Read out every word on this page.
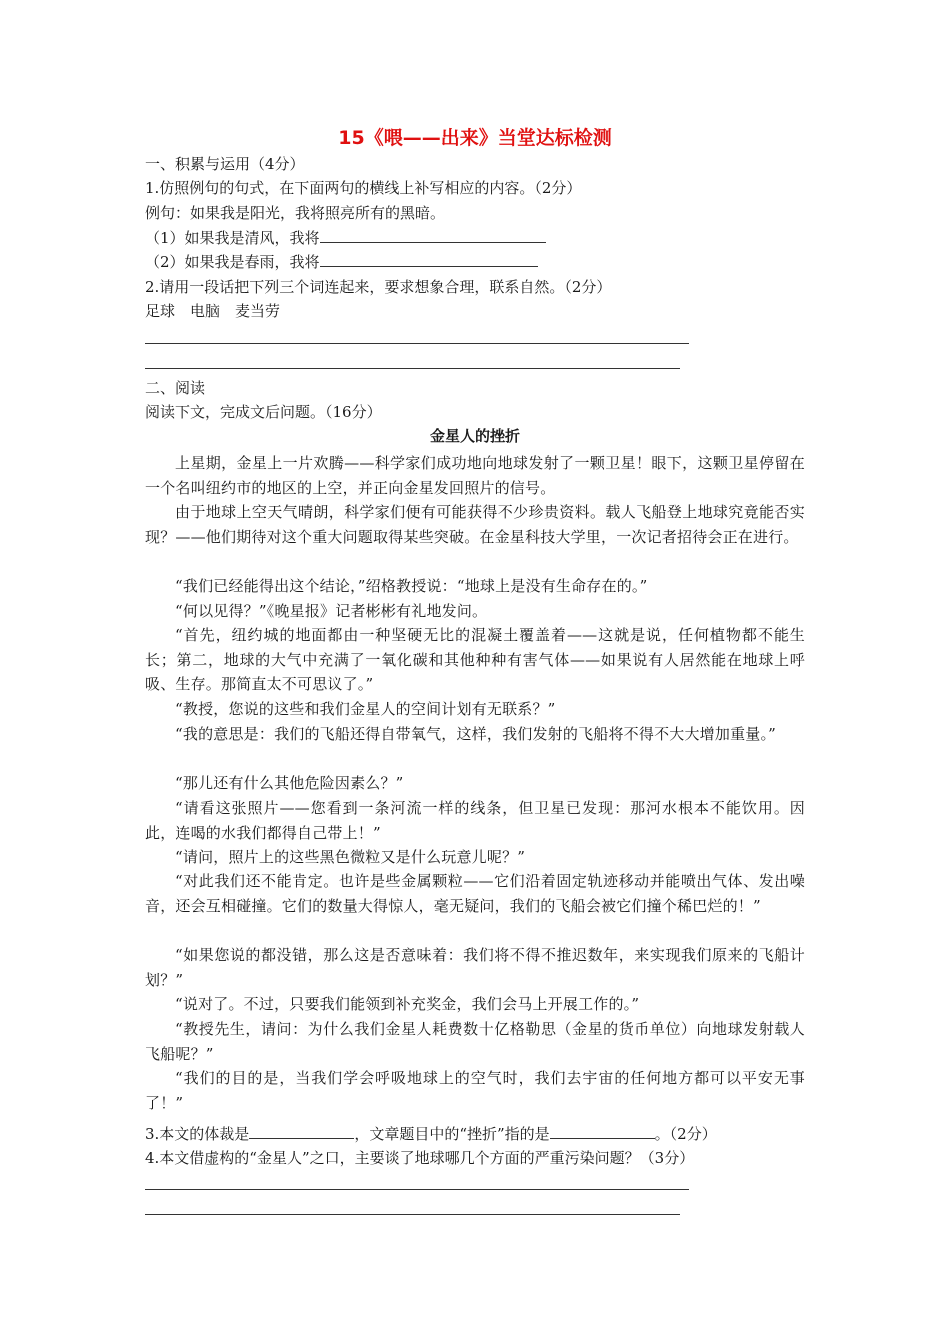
15《喂——出来》当堂达标检测
一、积累与运用（4分）
1.仿照例句的句式，在下面两句的横线上补写相应的内容。（2分）
例句：如果我是阳光，我将照亮所有的黑暗。
（1）如果我是清风，我将
（2）如果我是春雨，我将
2.请用一段话把下列三个词连起来，要求想象合理，联系自然。（2分）
足球　电脑　麦当劳
二、阅读
阅读下文，完成文后问题。（16分）
金星人的挫折
上星期，金星上一片欢腾——科学家们成功地向地球发射了一颗卫星！眼下，这颗卫星停留在一个名叫纽约市的地区的上空，并正向金星发回照片的信号。
由于地球上空天气晴朗，科学家们便有可能获得不少珍贵资料。载人飞船登上地球究竟能否实现？——他们期待对这个重大问题取得某些突破。在金星科技大学里，一次记者招待会正在进行。
“我们已经能得出这个结论，”绍格教授说：“地球上是没有生命存在的。”
“何以见得？”《晚星报》记者彬彬有礼地发问。
“首先，纽约城的地面都由一种坚硬无比的混凝土覆盖着——这就是说，任何植物都不能生长；第二，地球的大气中充满了一氧化碳和其他种种有害气体——如果说有人居然能在地球上呼吸、生存。那简直太不可思议了。”
“教授，您说的这些和我们金星人的空间计划有无联系？”
“我的意思是：我们的飞船还得自带氧气，这样，我们发射的飞船将不得不大大增加重量。”
“那儿还有什么其他危险因素么？”
“请看这张照片——您看到一条河流一样的线条，但卫星已发现：那河水根本不能饮用。因此，连喝的水我们都得自己带上！”
“请问，照片上的这些黑色微粒又是什么玩意儿呢？”
“对此我们还不能肯定。也许是些金属颗粒——它们沿着固定轨迹移动并能喷出气体、发出噪音，还会互相碰撞。它们的数量大得惊人，毫无疑问，我们的飞船会被它们撞个稀巴烂的！”
“如果您说的都没错，那么这是否意味着：我们将不得不推迟数年，来实现我们原来的飞船计划？”
“说对了。不过，只要我们能领到补充奖金，我们会马上开展工作的。”
“教授先生，请问：为什么我们金星人耗费数十亿格勒思（金星的货币单位）向地球发射载人飞船呢？”
“我们的目的是，当我们学会呼吸地球上的空气时，我们去宇宙的任何地方都可以平安无事了！”
3.本文的体裁是	，文章题目中的“挫折”指的是	。（2分）
4.本文借虚构的“金星人”之口，主要谈了地球哪几个方面的严重污染问题？（3分）
